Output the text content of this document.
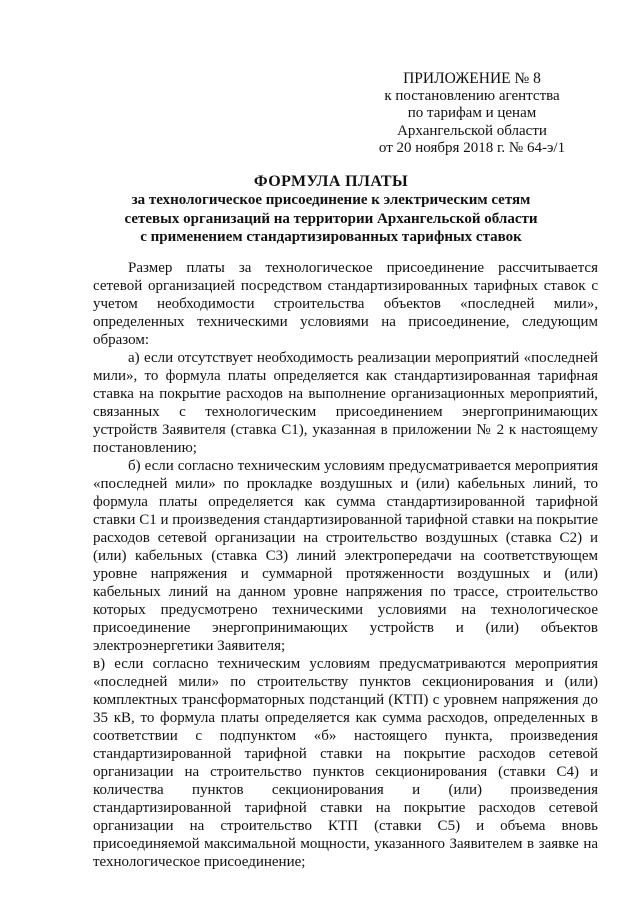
ПРИЛОЖЕНИЕ № 8
к постановлению агентства
по тарифам и ценам
Архангельской области
от 20 ноября 2018 г. № 64-э/1
ФОРМУЛА ПЛАТЫ
за технологическое присоединение к электрическим сетям
сетевых организаций на территории Архангельской области
с применением стандартизированных тарифных ставок

Размер платы за технологическое присоединение рассчитывается сетевой организацией посредством стандартизированных тарифных ставок с учетом необходимости строительства объектов «последней мили», определенных техническими условиями на присоединение, следующим образом:

а) если отсутствует необходимость реализации мероприятий «последней мили», то формула платы определяется как стандартизированная тарифная ставка на покрытие расходов на выполнение организационных мероприятий, связанных с технологическим присоединением энергопринимающих устройств Заявителя (ставка С1), указанная в приложении № 2 к настоящему постановлению;

б) если согласно техническим условиям предусматривается мероприятия «последней мили» по прокладке воздушных и (или) кабельных линий, то формула платы определяется как сумма стандартизированной тарифной ставки С1 и произведения стандартизированной тарифной ставки на покрытие расходов сетевой организации на строительство воздушных (ставка С2) и (или) кабельных (ставка С3) линий электропередачи на соответствующем уровне напряжения и суммарной протяженности воздушных и (или) кабельных линий на данном уровне напряжения по трассе, строительство которых предусмотрено техническими условиями на технологическое присоединение энергопринимающих устройств и (или) объектов электроэнергетики Заявителя;

в) если согласно техническим условиям предусматриваются мероприятия «последней мили» по строительству пунктов секционирования и (или) комплектных трансформаторных подстанций (КТП) с уровнем напряжения до 35 кВ, то формула платы определяется как сумма расходов, определенных в соответствии с подпунктом «б» настоящего пункта, произведения стандартизированной тарифной ставки на покрытие расходов сетевой организации на строительство пунктов секционирования (ставки С4) и количества пунктов секционирования и (или) произведения стандартизированной тарифной ставки на покрытие расходов сетевой организации на строительство КТП (ставки С5) и объема вновь присоединяемой максимальной мощности, указанного Заявителем в заявке на технологическое присоединение;
